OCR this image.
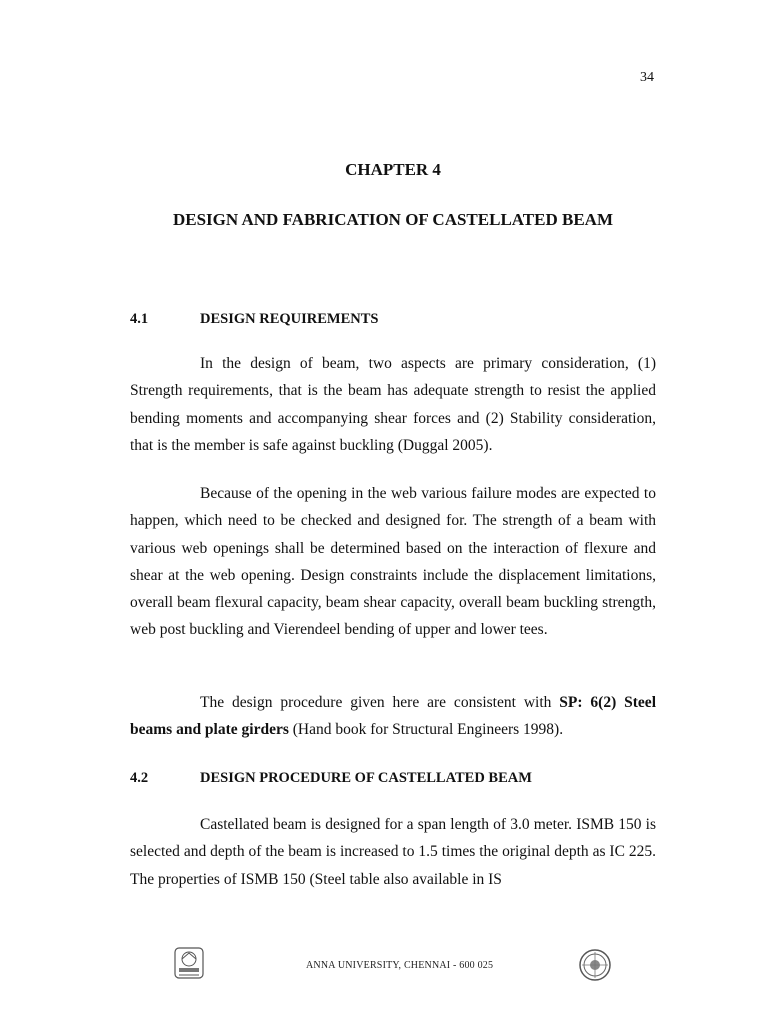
34
CHAPTER 4
DESIGN AND FABRICATION OF CASTELLATED BEAM
4.1	DESIGN REQUIREMENTS
In the design of beam, two aspects are primary consideration, (1) Strength requirements, that is the beam has adequate strength to resist the applied bending moments and accompanying shear forces and (2) Stability consideration, that is the member is safe against buckling (Duggal 2005).
Because of the opening in the web various failure modes are expected to happen, which need to be checked and designed for. The strength of a beam with various web openings shall be determined based on the interaction of flexure and shear at the web opening. Design constraints include the displacement limitations, overall beam flexural capacity, beam shear capacity, overall beam buckling strength, web post buckling and Vierendeel bending of upper and lower tees.
The design procedure given here are consistent with SP: 6(2) Steel beams and plate girders (Hand book for Structural Engineers 1998).
4.2	DESIGN PROCEDURE OF CASTELLATED BEAM
Castellated beam is designed for a span length of 3.0 meter. ISMB 150 is selected and depth of the beam is increased to 1.5 times the original depth as IC 225. The properties of ISMB 150 (Steel table also available in IS
ANNA UNIVERSITY, CHENNAI - 600 025
